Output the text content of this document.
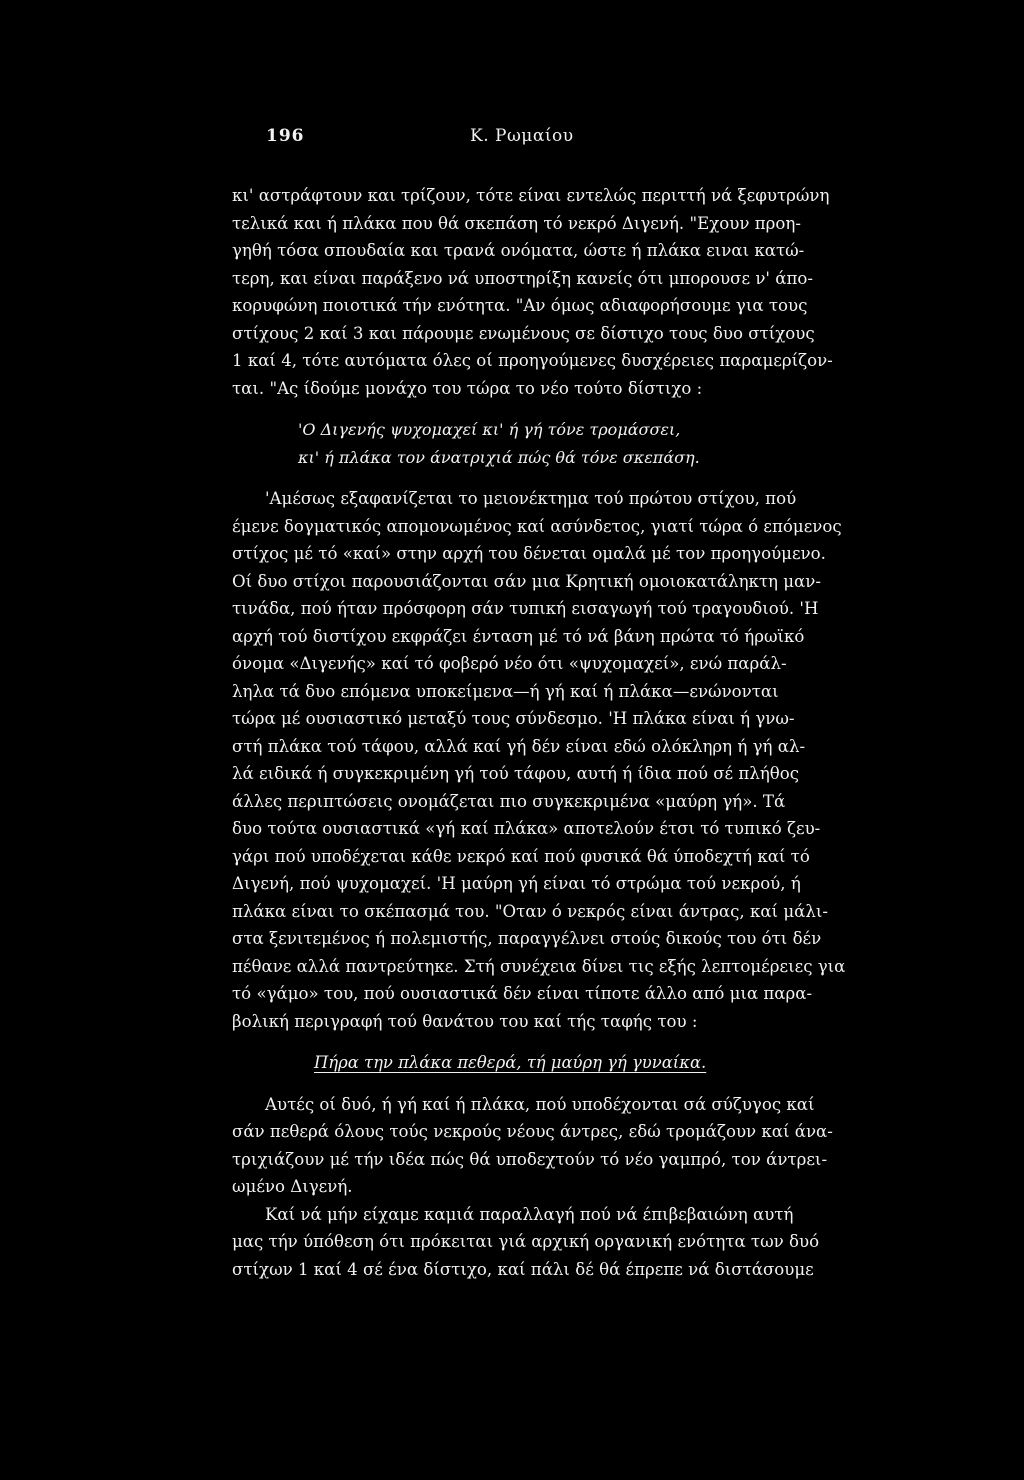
196	Κ. Ρωμαίου
κι' αστράφτουν και τρίζουν, τότε είναι εντελώς περιττή νά ξεφυτρώνη
τελικά και ή πλάκα που θά σκεπάση τό νεκρό Διγενή. "Εχουν προη-
γηθή τόσα σπουδαία και τρανά ονόματα, ώστε ή πλάκα ειναι κατώ-
τερη, και είναι παράξενο νά υποστηρίξη κανείς ότι μπορουσε ν' άπο-
κορυφώνη ποιοτικά τήν ενότητα. "Αν όμως αδιαφορήσουμε για τους
στίχους 2 καί 3 και πάρουμε ενωμένους σε δίστιχο τους δυο στίχους
1 καί 4, τότε αυτόματα όλες οί προηγούμενες δυσχέρειες παραμερίζον-
ται. "Ας ίδούμε μονάχο του τώρα το νέο τούτο δίστιχο :
'Ο Διγενής ψυχομαχεί κι' ή γή τόνε τρομάσσει,
κι' ή πλάκα τον άνατριχιά πώς θά τόνε σκεπάση.
'Αμέσως εξαφανίζεται το μειονέκτημα τού πρώτου στίχου, πού
έμενε δογματικός απομονωμένος καί ασύνδετος, γιατί τώρα ό επόμενος
στίχος μέ τό «καί» στην αρχή του δένεται ομαλά μέ τον προηγούμενο.
Οί δυο στίχοι παρουσιάζονται σάν μια Κρητική ομοιοκατάληκτη μαν-
τινάδα, πού ήταν πρόσφορη σάν τυπική εισαγωγή τού τραγουδιού. 'Η
αρχή τού διστίχου εκφράζει ένταση μέ τό νά βάνη πρώτα τό ήρωϊκό
όνομα «Διγενής» καί τό φοβερό νέο ότι «ψυχομαχεί», ενώ παράλ-
ληλα τά δυο επόμενα υποκείμενα—ή γή καί ή πλάκα—ενώνονται
τώρα μέ ουσιαστικό μεταξύ τους σύνδεσμο. 'Η πλάκα είναι ή γνω-
στή πλάκα τού τάφου, αλλά καί γή δέν είναι εδώ ολόκληρη ή γή αλ-
λά ειδικά ή συγκεκριμένη γή τού τάφου, αυτή ή ίδια πού σέ πλήθος
άλλες περιπτώσεις ονομάζεται πιο συγκεκριμένα «μαύρη γή». Τά
δυο τούτα ουσιαστικά «γή καί πλάκα» αποτελούν έτσι τό τυπικό ζευ-
γάρι πού υποδέχεται κάθε νεκρό καί πού φυσικά θά ύποδεχτή καί τό
Διγενή, πού ψυχομαχεί. 'Η μαύρη γή είναι τό στρώμα τού νεκρού, ή
πλάκα είναι το σκέπασμά του. "Οταν ό νεκρός είναι άντρας, καί μάλι-
στα ξενιτεμένος ή πολεμιστής, παραγγέλνει στούς δικούς του ότι δέν
πέθανε αλλά παντρεύτηκε. Στή συνέχεια δίνει τις εξής λεπτομέρειες για
τό «γάμο» του, πού ουσιαστικά δέν είναι τίποτε άλλο από μια παρα-
βολική περιγραφή τού θανάτου του καί τής ταφής του :
Πήρα την πλάκα πεθερά, τή μαύρη γή γυναίκα.
Αυτές οί δυό, ή γή καί ή πλάκα, πού υποδέχονται σά σύζυγος καί
σάν πεθερά όλους τούς νεκρούς νέους άντρες, εδώ τρομάζουν καί άνα-
τριχιάζουν μέ τήν ιδέα πώς θά υποδεχτούν τό νέο γαμπρό, τον άντρει-
ωμένο Διγενή.
Καί νά μήν είχαμε καμιά παραλλαγή πού νά έπιβεβαιώνη αυτή
μας τήν ύπόθεση ότι πρόκειται γιά αρχική οργανική ενότητα των δυό
στίχων 1 καί 4 σέ ένα δίστιχο, καί πάλι δέ θά έπρεπε νά διστάσουμε
